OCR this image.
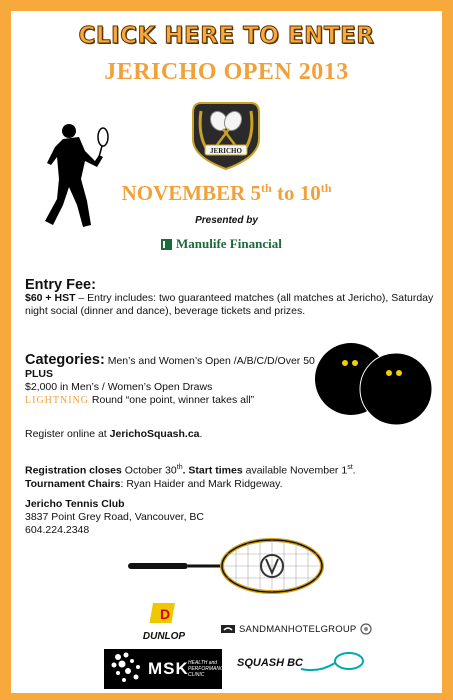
CLICK HERE TO ENTER
JERICHO OPEN 2013
JERICHO
NOVEMBER 5th to 10th
Presented by
Manulife Financial
Entry Fee:
$60 + HST – Entry includes: two guaranteed matches (all matches at Jericho), Saturday night social (dinner and dance), beverage tickets and prizes.
Categories: Men’s and Women’s Open /A/B/C/D/Over 50
PLUS
$2,000 in Men’s / Women’s Open Draws
LIGHTNING Round “one point, winner takes all”
Register online at JerichoSquash.ca.
Registration closes October 30th. Start times available November 1st.
Tournament Chairs: Ryan Haider and Mark Ridgeway.
Jericho Tennis Club
3837 Point Grey Road, Vancouver, BC
604.224.2348
D
DUNLOP
SANDMANHOTELGROUP
MSK HEALTH and PERFORMANCE CLINIC
SQUASH BC
